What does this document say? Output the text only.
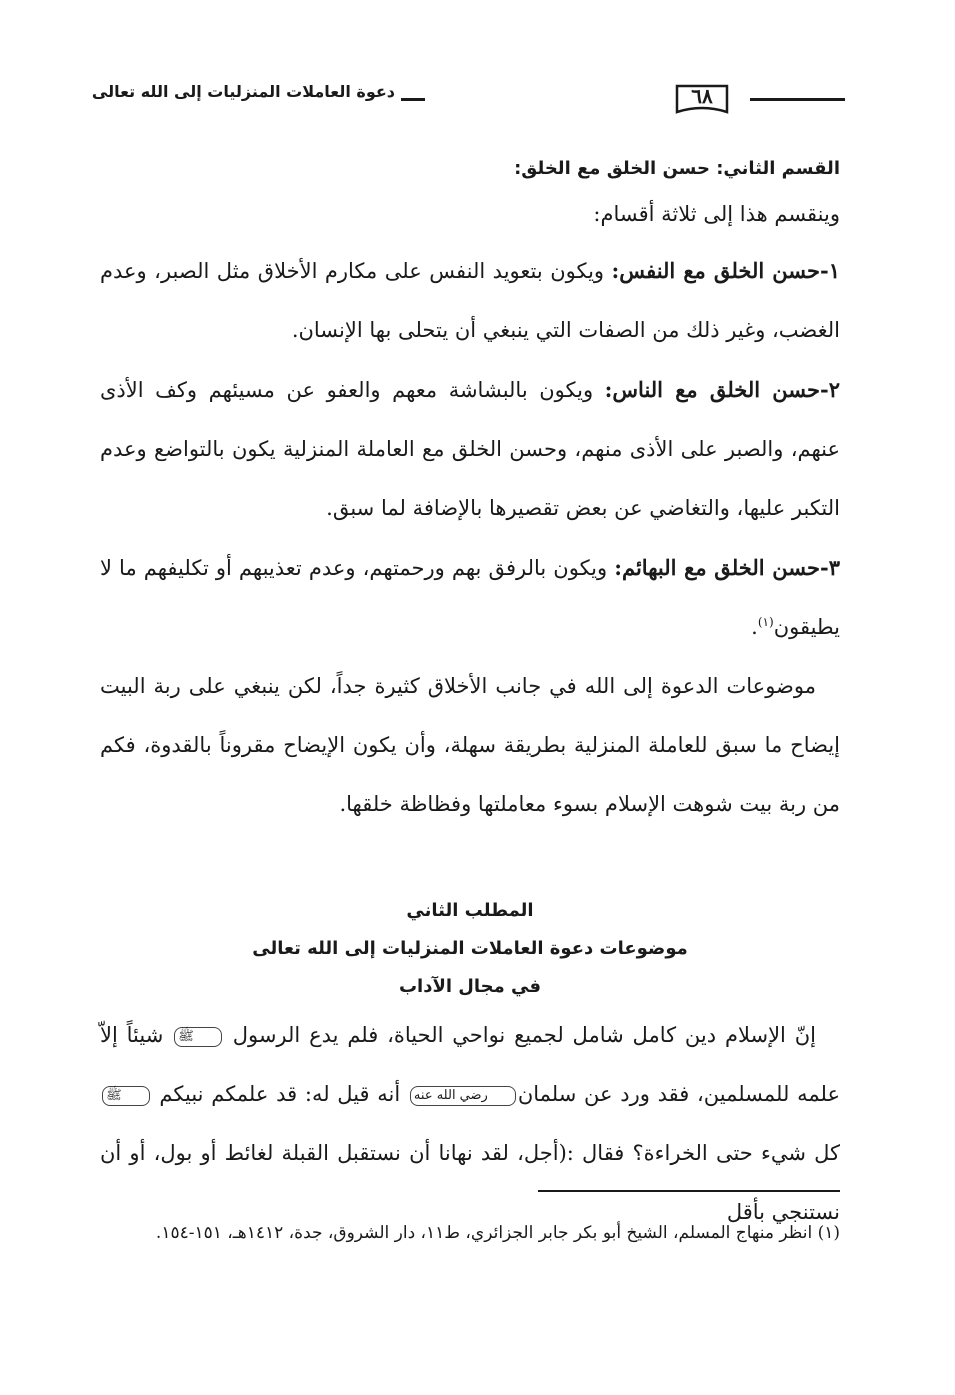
دعوة العاملات المنزليات إلى الله تعالى	٦٨

القسم الثاني: حسن الخلق مع الخلق:

وينقسم هذا إلى ثلاثة أقسام:

١-حسن الخلق مع النفس: ويكون بتعويد النفس على مكارم الأخلاق مثل الصبر، وعدم الغضب، وغير ذلك من الصفات التي ينبغي أن يتحلى بها الإنسان.

٢-حسن الخلق مع الناس: ويكون بالبشاشة معهم والعفو عن مسيئهم وكف الأذى عنهم، والصبر على الأذى منهم، وحسن الخلق مع العاملة المنزلية يكون بالتواضع وعدم التكبر عليها، والتغاضي عن بعض تقصيرها بالإضافة لما سبق.

٣-حسن الخلق مع البهائم: ويكون بالرفق بهم ورحمتهم، وعدم تعذيبهم أو تكليفهم ما لا يطيقون$^{(١)}$.

موضوعات الدعوة إلى الله في جانب الأخلاق كثيرة جداً، لكن ينبغي على ربة البيت إيضاح ما سبق للعاملة المنزلية بطريقة سهلة، وأن يكون الإيضاح مقروناً بالقدوة، فكم من ربة بيت شوهت الإسلام بسوء معاملتها وفظاظة خلقها.

المطلب الثاني

موضوعات دعوة العاملات المنزليات إلى الله تعالى

في مجال الآداب

إنّ الإسلام دين كامل شامل لجميع نواحي الحياة، فلم يدع الرسول ﷺ شيئاً إلاّ علمه للمسلمين، فقد ورد عن سلمانرضي الله عنه أنه قيل له: قد علمكم نبيكم ﷺ كل شيء حتى الخراءة؟ فقال :(أجل، لقد نهانا أن نستقبل القبلة لغائط أو بول، أو أن نستنجي بأقل

(١) انظر منهاج المسلم، الشيخ أبو بكر جابر الجزائري، ط١١، دار الشروق، جدة، ١٤١٢هـ، ١٥١-١٥٤.
